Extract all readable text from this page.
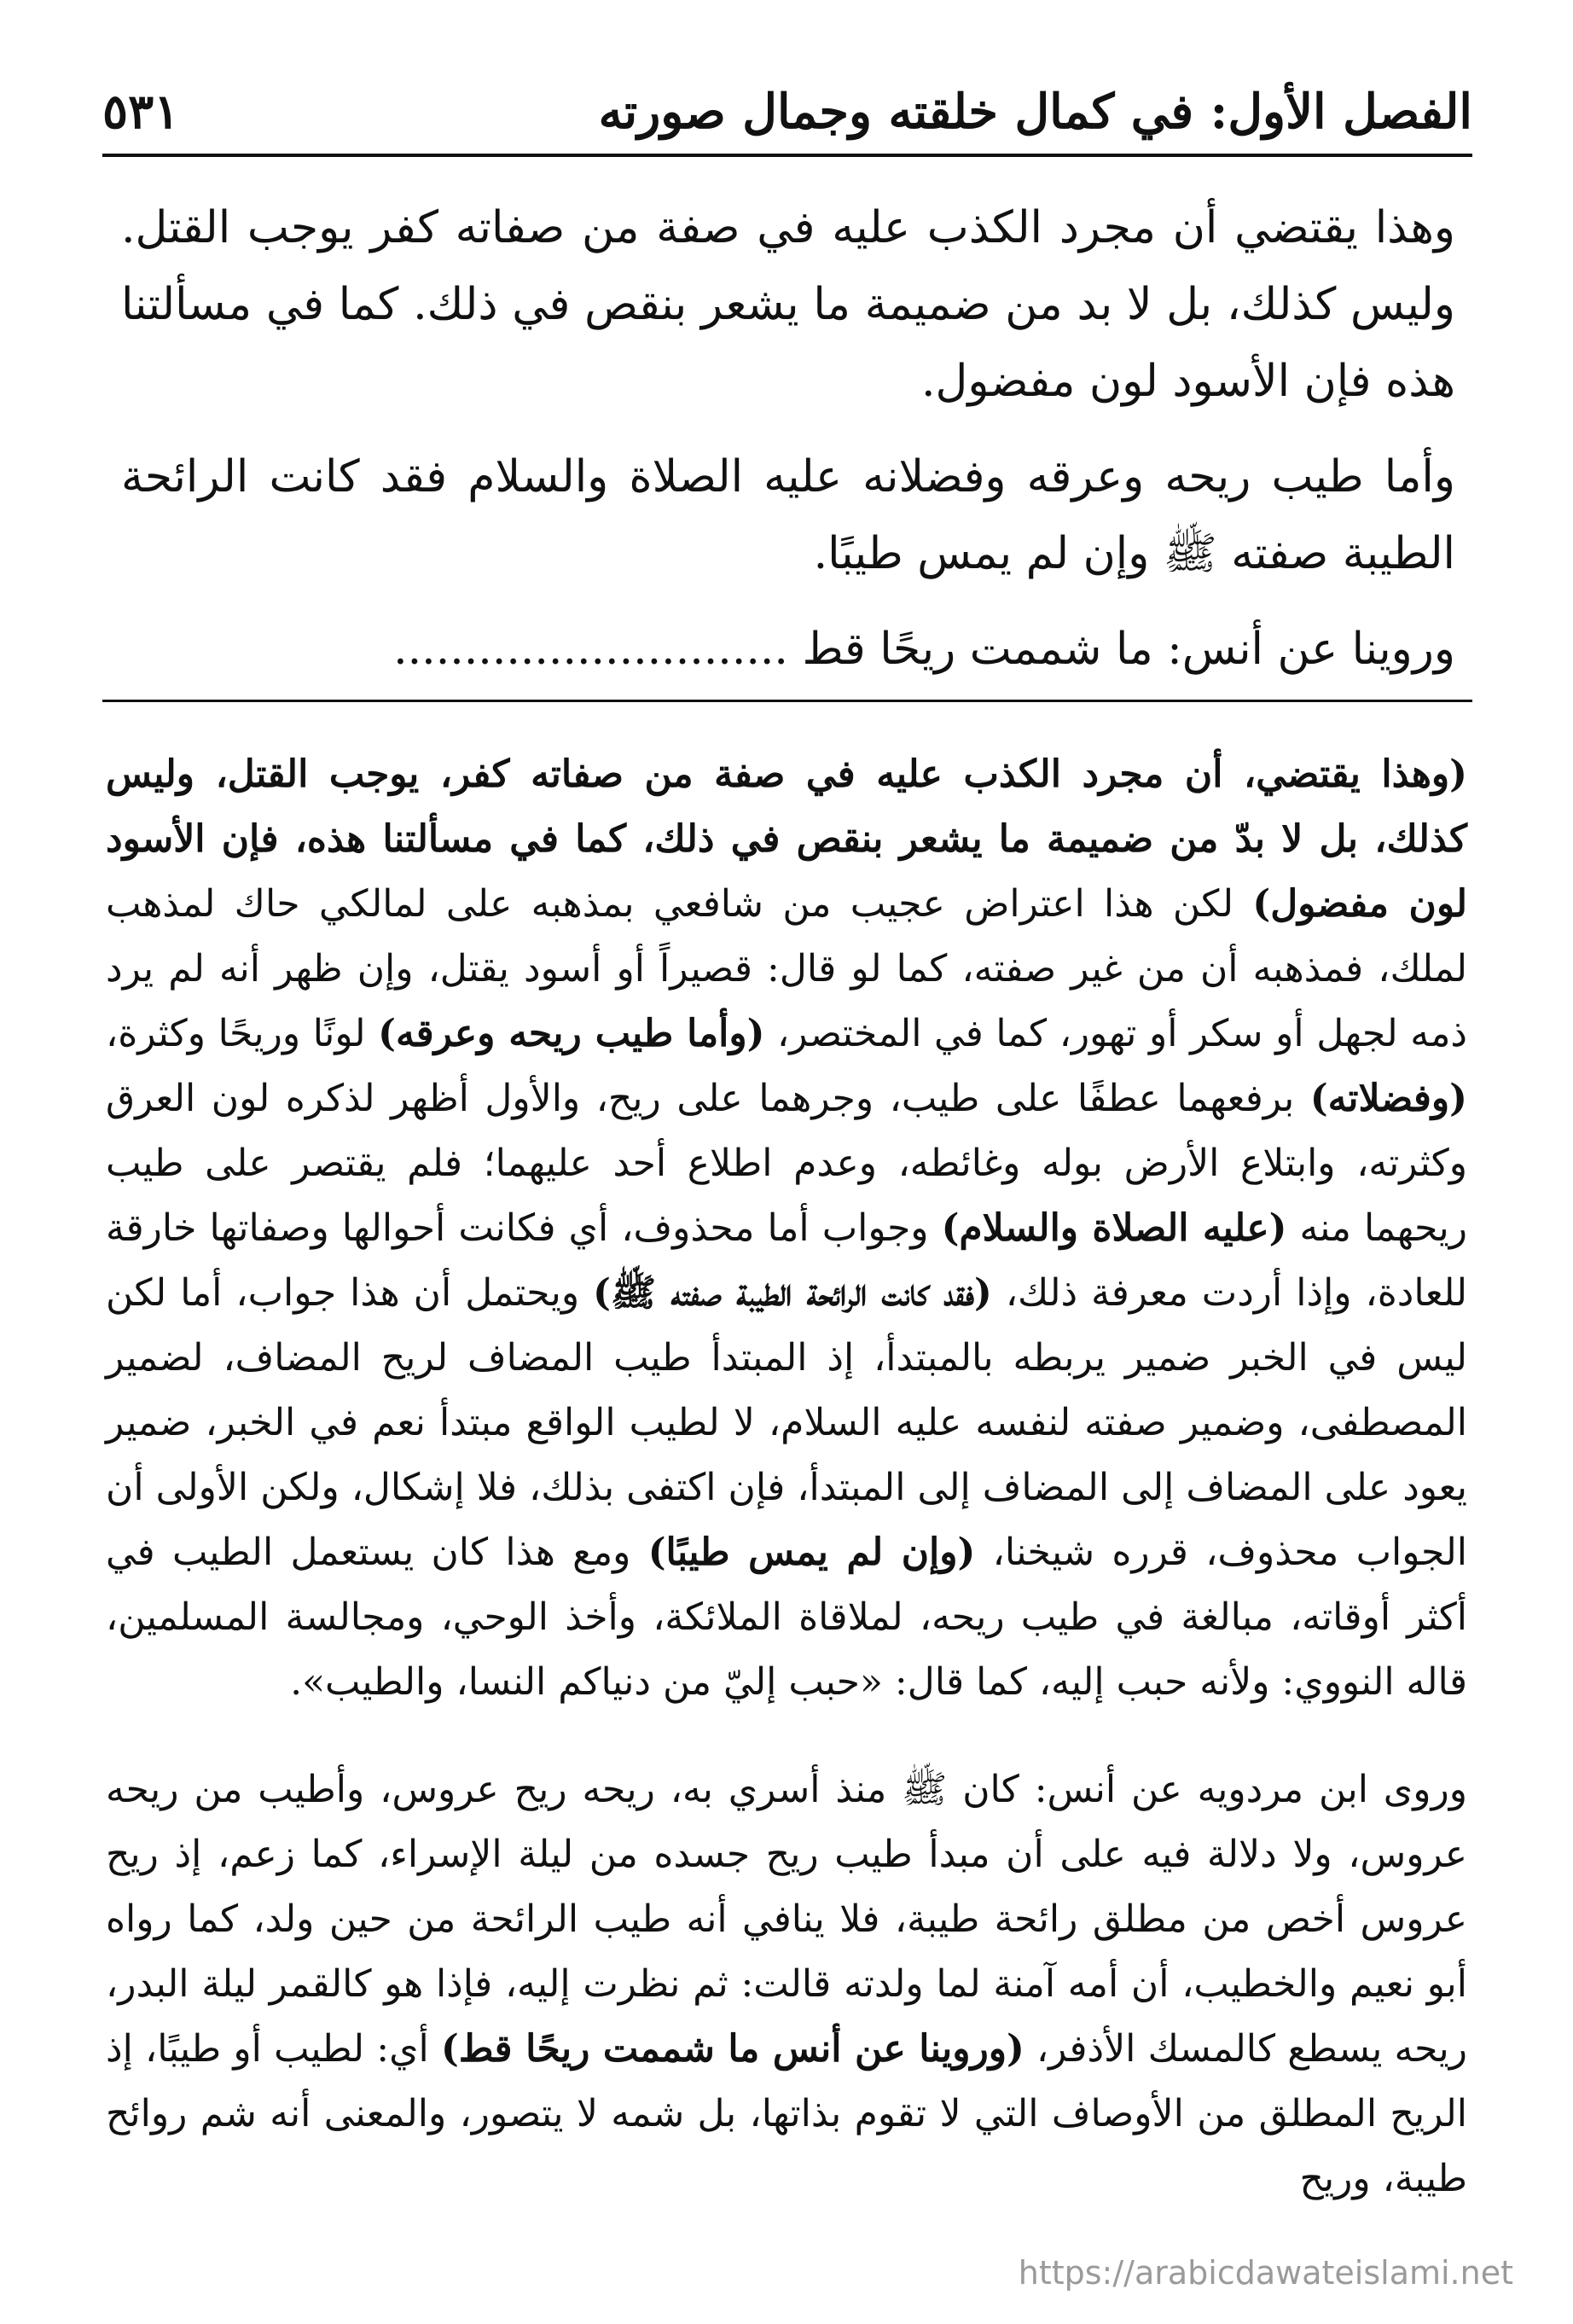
الفصل الأول: في كمال خلقته وجمال صورته
٥٣١

وهذا يقتضي أن مجرد الكذب عليه في صفة من صفاته كفر يوجب القتل. وليس كذلك، بل لا بد من ضميمة ما يشعر بنقص في ذلك. كما في مسألتنا هذه فإن الأسود لون مفضول.

وأما طيب ريحه وعرقه وفضلانه عليه الصلاة والسلام فقد كانت الرائحة الطيبة صفته ﷺ وإن لم يمس طيبًا.

وروينا عن أنس: ما شممت ريحًا قط ............................

(وهذا يقتضي، أن مجرد الكذب عليه في صفة من صفاته كفر، يوجب القتل، وليس كذلك، بل لا بدّ من ضميمة ما يشعر بنقص في ذلك، كما في مسألتنا هذه، فإن الأسود لون مفضول) لكن هذا اعتراض عجيب من شافعي بمذهبه على لمالكي حاك لمذهب لملك، فمذهبه أن من غير صفته، كما لو قال: قصيراً أو أسود يقتل، وإن ظهر أنه لم يرد ذمه لجهل أو سكر أو تهور، كما في المختصر، (وأما طيب ريحه وعرقه) لونًا وريحًا وكثرة، (وفضلاته) برفعهما عطفًا على طيب، وجرهما على ريح، والأول أظهر لذكره لون العرق وكثرته، وابتلاع الأرض بوله وغائطه، وعدم اطلاع أحد عليهما؛ فلم يقتصر على طيب ريحهما منه (عليه الصلاة والسلام) وجواب أما محذوف، أي فكانت أحوالها وصفاتها خارقة للعادة، وإذا أردت معرفة ذلك، (فقد كانت الرائحة الطيبة صفته ﷺ) ويحتمل أن هذا جواب، أما لكن ليس في الخبر ضمير يربطه بالمبتدأ، إذ المبتدأ طيب المضاف لريح المضاف، لضمير المصطفى، وضمير صفته لنفسه عليه السلام، لا لطيب الواقع مبتدأ نعم في الخبر، ضمير يعود على المضاف إلى المضاف إلى المبتدأ، فإن اكتفى بذلك، فلا إشكال، ولكن الأولى أن الجواب محذوف، قرره شيخنا، (وإن لم يمس طيبًا) ومع هذا كان يستعمل الطيب في أكثر أوقاته، مبالغة في طيب ريحه، لملاقاة الملائكة، وأخذ الوحي، ومجالسة المسلمين، قاله النووي: ولأنه حبب إليه، كما قال: «حبب إليّ من دنياكم النسا، والطيب».

وروى ابن مردويه عن أنس: كان ﷺ منذ أسري به، ريحه ريح عروس، وأطيب من ريحه عروس، ولا دلالة فيه على أن مبدأ طيب ريح جسده من ليلة الإسراء، كما زعم، إذ ريح عروس أخص من مطلق رائحة طيبة، فلا ينافي أنه طيب الرائحة من حين ولد، كما رواه أبو نعيم والخطيب، أن أمه آمنة لما ولدته قالت: ثم نظرت إليه، فإذا هو كالقمر ليلة البدر، ريحه يسطع كالمسك الأذفر، (وروينا عن أنس ما شممت ريحًا قط) أي: لطيب أو طيبًا، إذ الريح المطلق من الأوصاف التي لا تقوم بذاتها، بل شمه لا يتصور، والمعنى أنه شم روائح طيبة، وريح

https://arabicdawateislami.net
